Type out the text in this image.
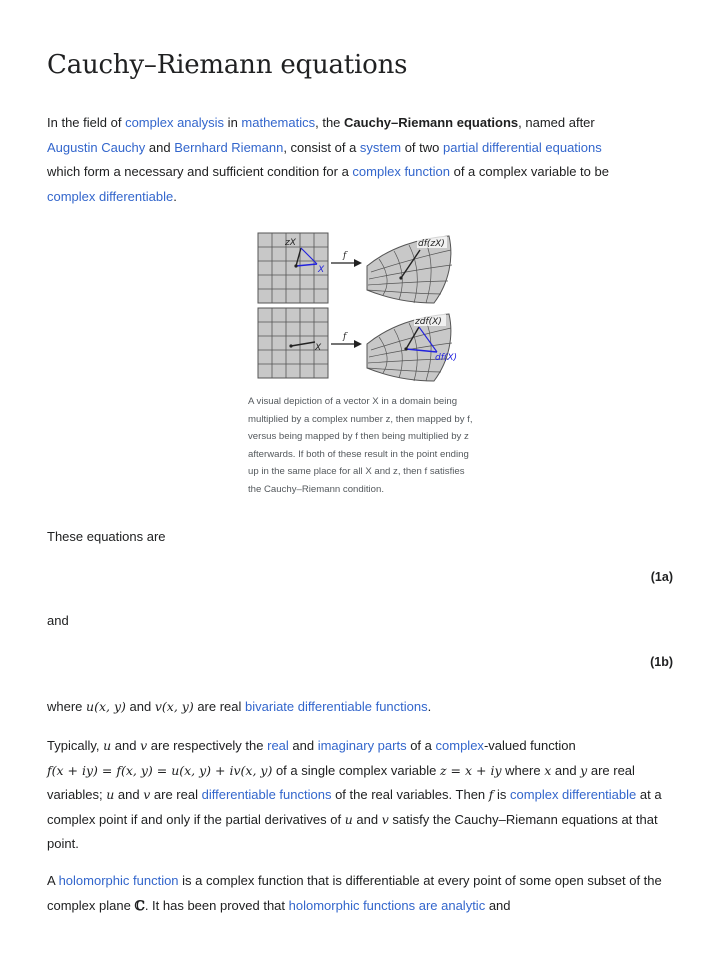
Cauchy–Riemann equations

In the field of complex analysis in mathematics, the Cauchy–Riemann equations, named after
Augustin Cauchy and Bernhard Riemann, consist of a system of two partial differential equations
which form a necessary and sufficient condition for a complex function of a complex variable to be
complex differentiable.

zX
X
f
df(zX)
X
f
zdf(X)
df(X)

A visual depiction of a vector X in a domain being multiplied by a complex number z, then mapped by f, versus being mapped by f then being multiplied by z afterwards. If both of these result in the point ending up in the same place for all X and z, then f satisfies the Cauchy–Riemann condition.

These equations are

(1a)

and

(1b)

where u(x, y) and v(x, y) are real bivariate differentiable functions.

Typically, u and v are respectively the real and imaginary parts of a complex-valued function
f(x + iy) = f(x, y) = u(x, y) + iv(x, y) of a single complex variable z = x + iy where x and y are real variables; u and v are real differentiable functions of the real variables. Then f is complex differentiable at a complex point if and only if the partial derivatives of u and v satisfy the Cauchy–Riemann equations at that point.

A holomorphic function is a complex function that is differentiable at every point of some open subset of the complex plane ℂ. It has been proved that holomorphic functions are analytic and
